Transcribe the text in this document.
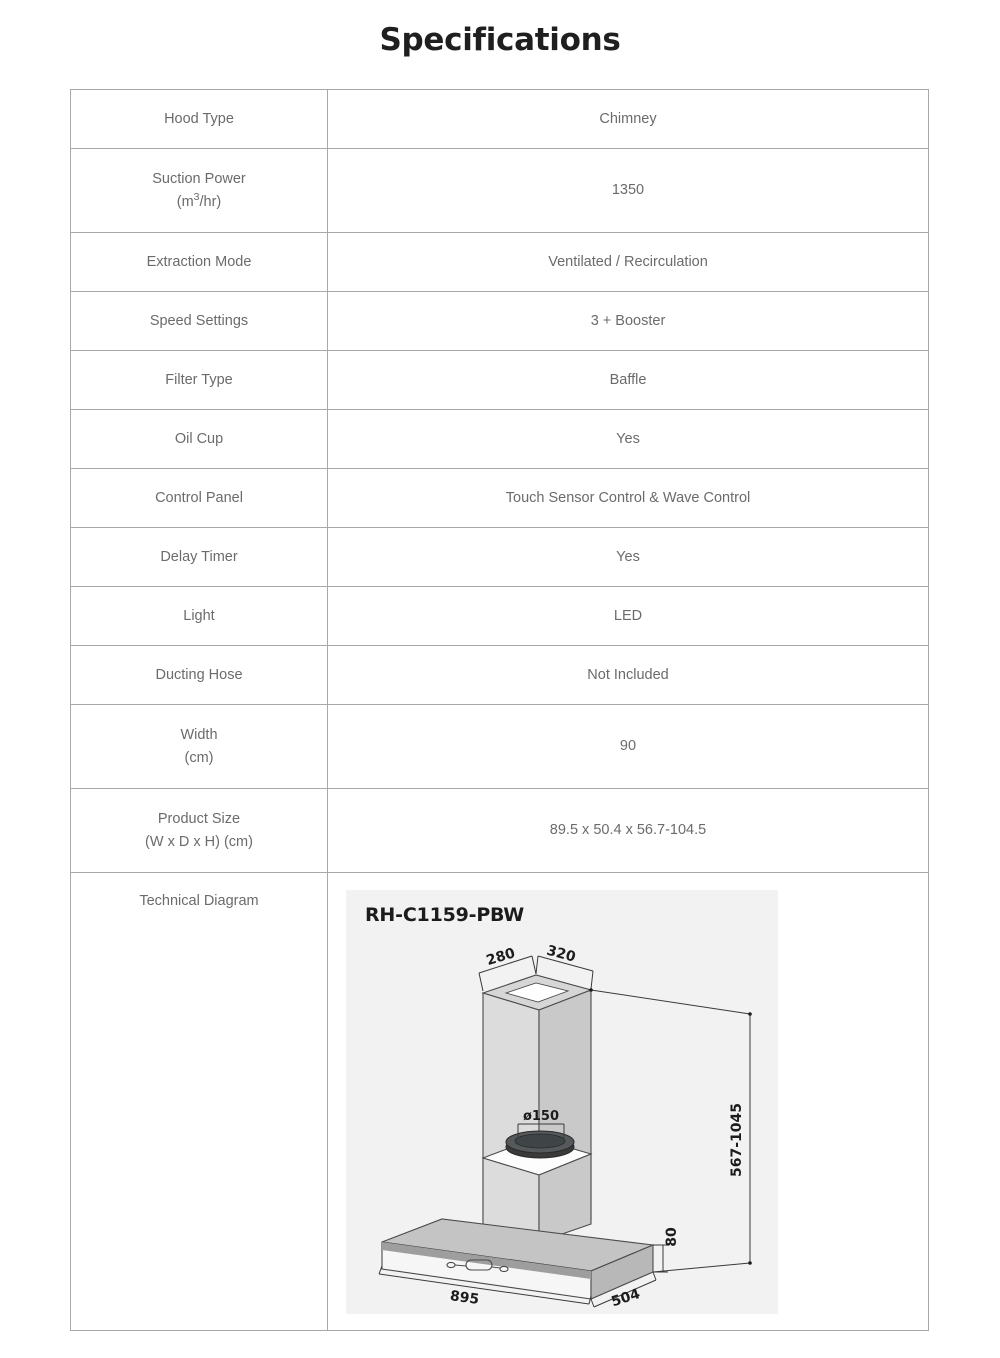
Specifications
Hood Type	Chimney
Suction Power
$(m^3/hr)$	1350
Extraction Mode	Ventilated / Recirculation
Speed Settings	3 + Booster
Filter Type	Baffle
Oil Cup	Yes
Control Panel	Touch Sensor Control & Wave Control
Delay Timer	Yes
Light	LED
Ducting Hose	Not Included
Width
(cm)	90
Product Size
(W x D x H) (cm)	89.5 x 50.4 x 56.7-104.5
Technical Diagram	
RH-C1159-PBW
280 320
ø150	567-1045
80
895	504
